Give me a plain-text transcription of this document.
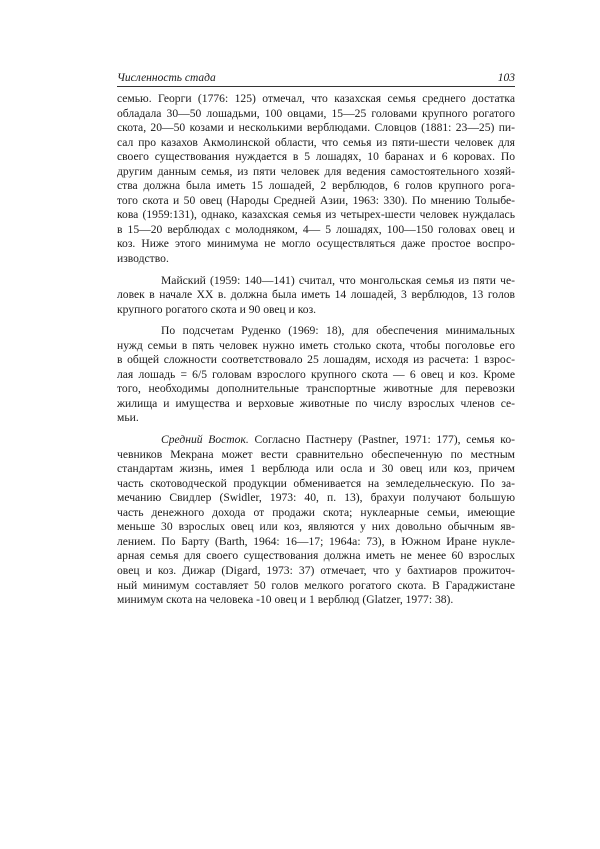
Численность стада	103

семью. Георги (1776: 125) отмечал, что казахская семья среднего достатка
обладала 30—50 лошадьми, 100 овцами, 15—25 головами крупного рогатого
скота, 20—50 козами и несколькими верблюдами. Словцов (1881: 23—25) пи-
сал про казахов Акмолинской области, что семья из пяти-шести человек для
своего существования нуждается в 5 лошадях, 10 баранах и 6 коровах. По
другим данным семья, из пяти человек для ведения самостоятельного хозяй-
ства должна была иметь 15 лошадей, 2 верблюдов, 6 голов крупного рога-
того скота и 50 овец (Народы Средней Азии, 1963: 330). По мнению Толыбе-
кова (1959:131), однако, казахская семья из четырех-шести человек нуждалась
в 15—20 верблюдах с молодняком, 4— 5 лошадях, 100—150 головах овец и
коз. Ниже этого минимума не могло осуществляться даже простое воспро-
изводство.

Майский (1959: 140—141) считал, что монгольская семья из пяти че-
ловек в начале XX в. должна была иметь 14 лошадей, 3 верблюдов, 13 голов
крупного рогатого скота и 90 овец и коз.

По подсчетам Руденко (1969: 18), для обеспечения минимальных
нужд семьи в пять человек нужно иметь столько скота, чтобы поголовье его
в общей сложности соответствовало 25 лошадям, исходя из расчета: 1 взрос-
лая лошадь = 6/5 головам взрослого крупного скота — 6 овец и коз. Кроме
того, необходимы дополнительные транспортные животные для перевозки
жилища и имущества и верховые животные по числу взрослых членов се-
мьи.

Средний Восток. Согласно Пастнеру (Pastner, 1971: 177), семья ко-
чевников Мекрана может вести сравнительно обеспеченную по местным
стандартам жизнь, имея 1 верблюда или осла и 30 овец или коз, причем
часть скотоводческой продукции обменивается на земледельческую. По за-
мечанию Свидлер (Swidler, 1973: 40, п. 13), брахуи получают большую
часть денежного дохода от продажи скота; нуклеарные семьи, имеющие
меньше 30 взрослых овец или коз, являются у них довольно обычным яв-
лением. По Барту (Barth, 1964: 16—17; 1964а: 73), в Южном Иране нукле-
арная семья для своего существования должна иметь не менее 60 взрослых
овец и коз. Дижар (Digard, 1973: 37) отмечает, что у бахтиаров прожиточ-
ный минимум составляет 50 голов мелкого рогатого скота. В Гараджистане
минимум скота на человека -10 овец и 1 верблюд (Glatzer, 1977: 38).
